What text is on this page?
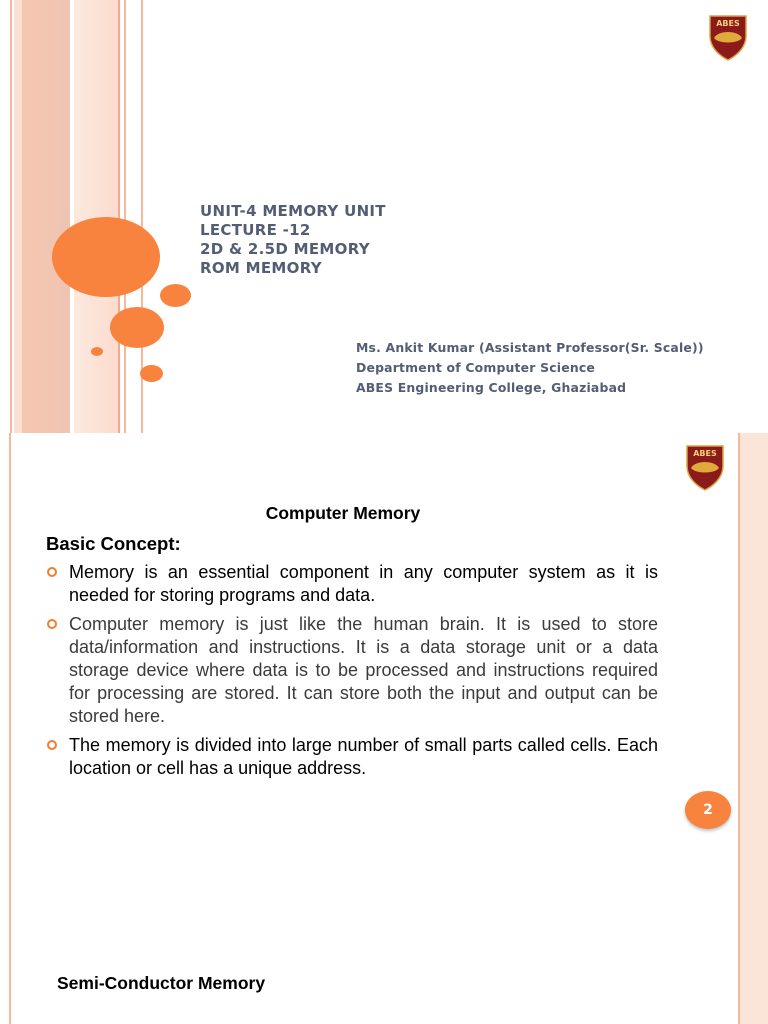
ABES
UNIT-4 MEMORY UNIT
LECTURE -12
2D & 2.5D MEMORY
ROM MEMORY
Ms. Ankit Kumar (Assistant Professor(Sr. Scale))
Department of Computer Science
ABES Engineering College, Ghaziabad
ABES
Computer Memory
Basic Concept:
Memory is an essential component in any computer system as it is needed for storing programs and data.
Computer memory is just like the human brain. It is used to store data/information and instructions. It is a data storage unit or a data storage device where data is to be processed and instructions required for processing are stored. It can store both the input and output can be stored here.
The memory is divided into large number of small parts called cells. Each location or cell has a unique address.
2
Semi-Conductor Memory
